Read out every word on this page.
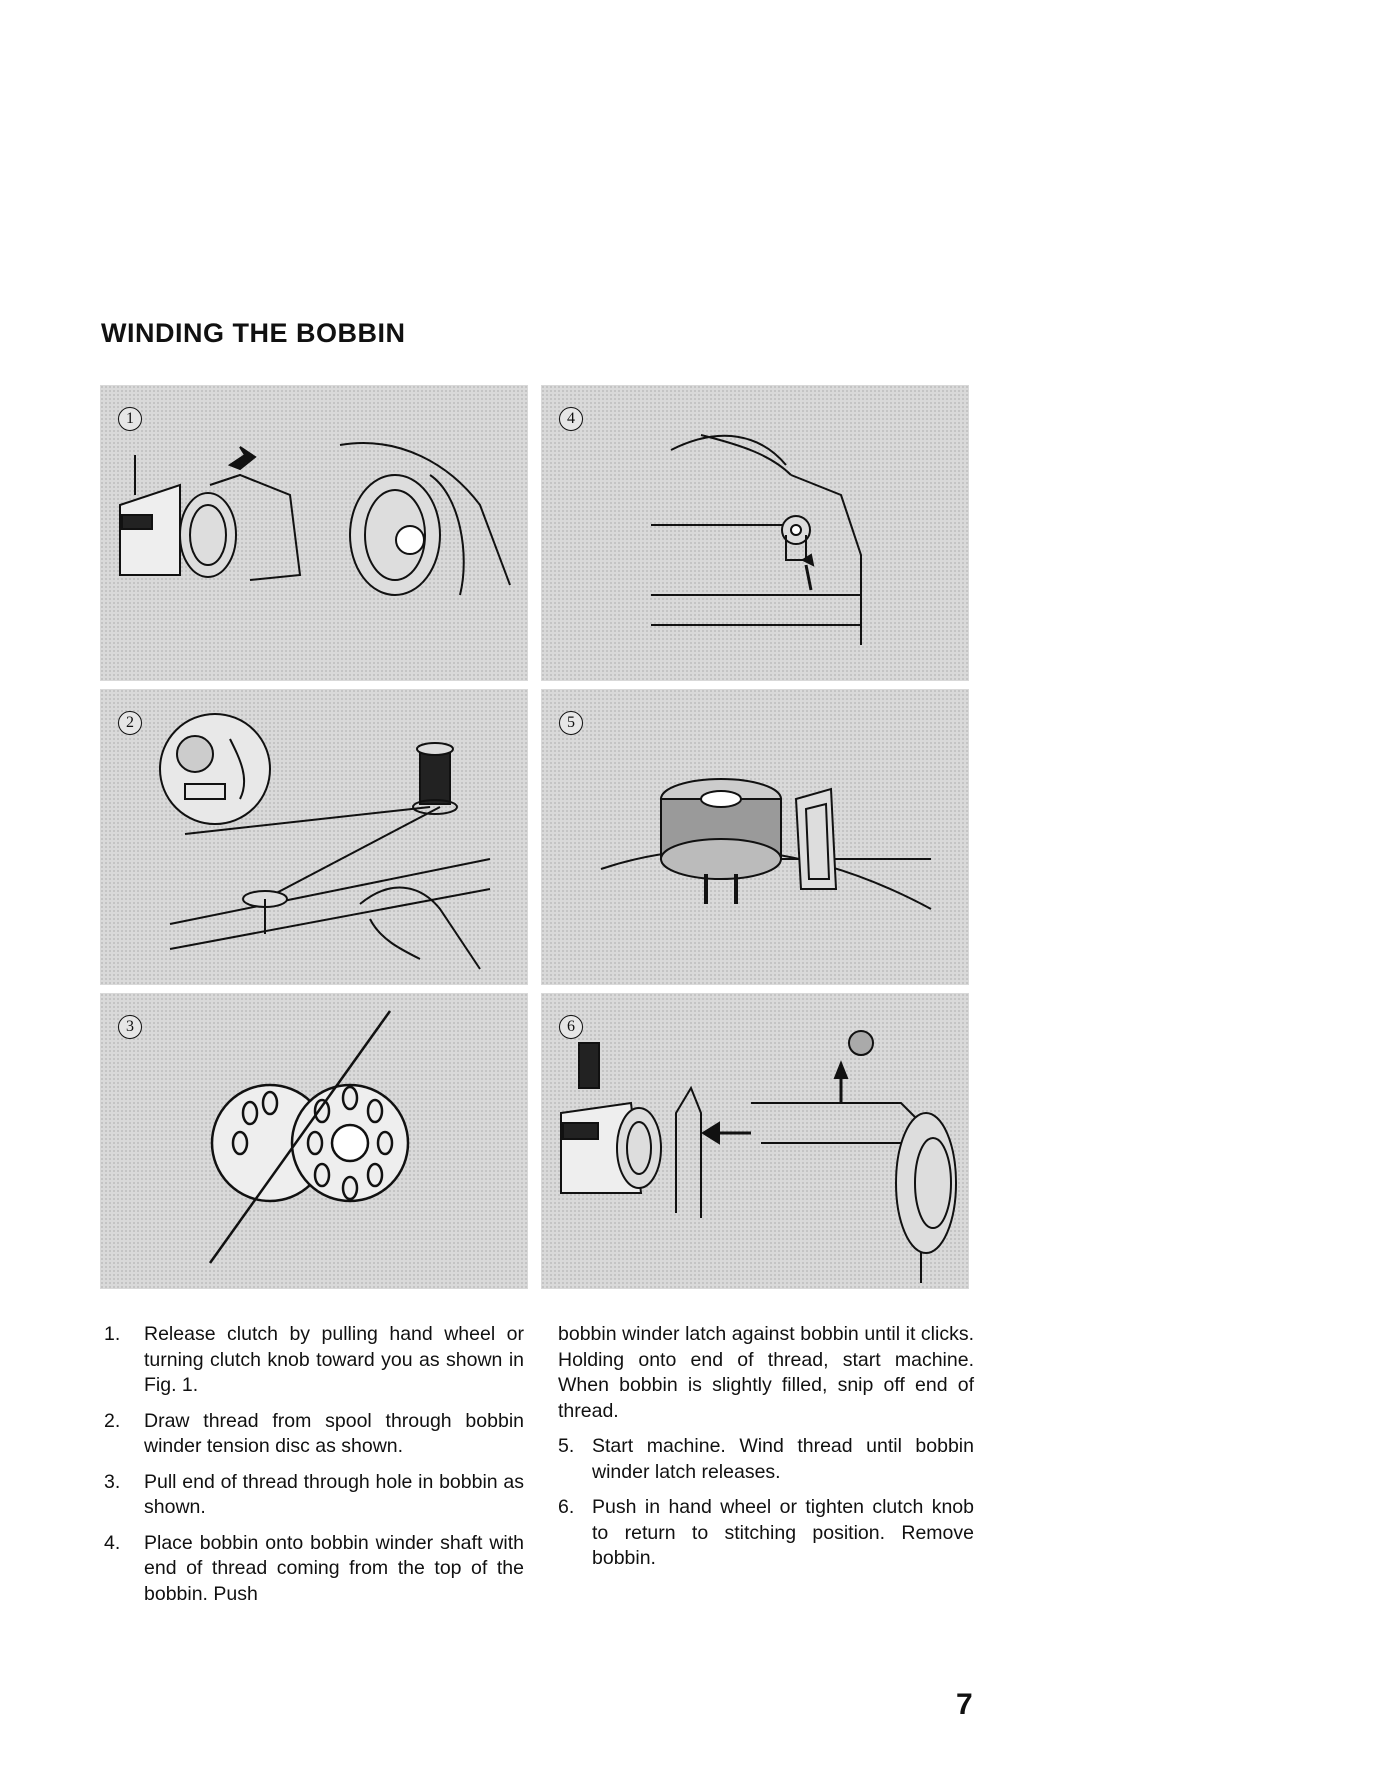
WINDING THE BOBBIN
1	4
2	5
3	6
1.	Release clutch by pulling hand wheel or turning clutch knob toward you as shown in Fig. 1.
2.	Draw thread from spool through bobbin winder tension disc as shown.
3.	Pull end of thread through hole in bobbin as shown.
4.	Place bobbin onto bobbin winder shaft with end of thread coming from the top of the bobbin. Push
bobbin winder latch against bobbin until it clicks. Holding onto end of thread, start machine. When bobbin is slightly filled, snip off end of thread.
5. Start machine. Wind thread until bobbin winder latch releases.
6. Push in hand wheel or tighten clutch knob to return to stitching position. Remove bobbin.
7
